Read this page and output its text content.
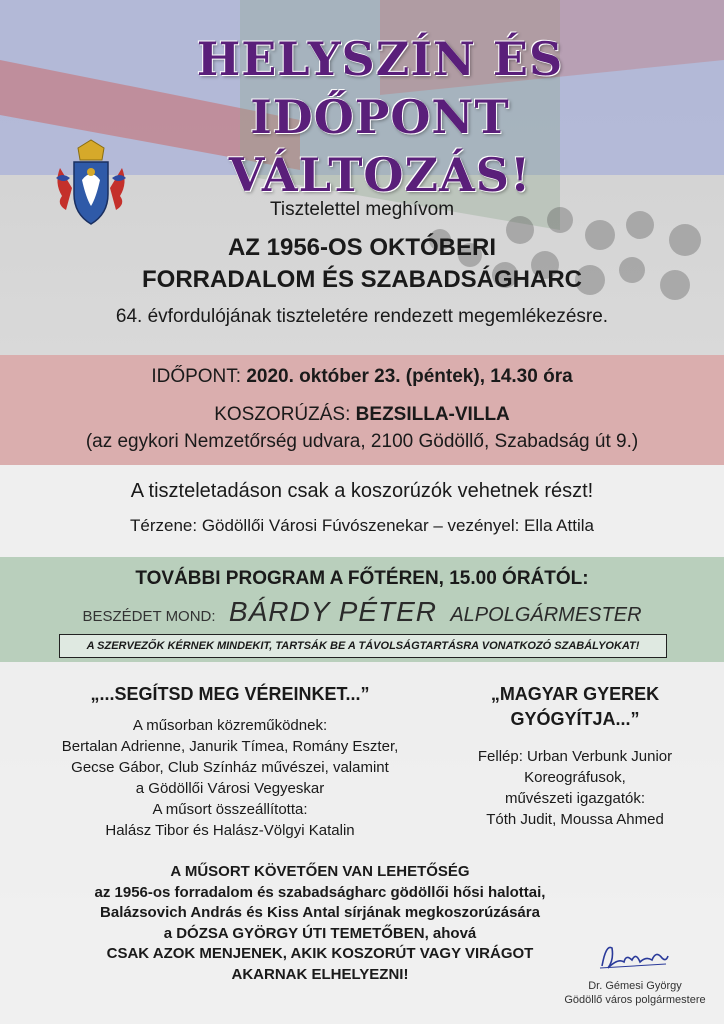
HELYSZÍN ÉS IDŐPONT
VÁLTOZÁS!
Tisztelettel meghívom
AZ 1956-OS OKTÓBERI
FORRADALOM ÉS SZABADSÁGHARC
64. évfordulójának tiszteletére rendezett megemlékezésre.
IDŐPONT: 2020. október 23. (péntek), 14.30 óra
KOSZORÚZÁS: BEZSILLA-VILLA
(az egykori Nemzetőrség udvara, 2100 Gödöllő, Szabadság út 9.)
A tiszteletadáson csak a koszorúzók vehetnek részt!
Térzene: Gödöllői Városi Fúvószenekar – vezényel: Ella Attila
TOVÁBBI PROGRAM A FŐTÉREN, 15.00 ÓRÁTÓL:
BESZÉDET MOND: BÁRDY PÉTER ALPOLGÁRMESTER
A SZERVEZŐK KÉRNEK MINDEKIT, TARTSÁK BE A TÁVOLSÁGTARTÁSRA VONATKOZÓ SZABÁLYOKAT!
„...SEGÍTSD MEG VÉREINKET...”
A műsorban közreműködnek:
Bertalan Adrienne, Janurik Tímea, Romány Eszter,
Gecse Gábor, Club Színház művészei, valamint
a Gödöllői Városi Vegyeskar
A műsort összeállította:
Halász Tibor és Halász-Völgyi Katalin
„MAGYAR GYEREK
GYÓGYÍTJA...”
Fellép: Urban Verbunk Junior
Koreográfusok,
művészeti igazgatók:
Tóth Judit, Moussa Ahmed
A MŰSORT KÖVETŐEN VAN LEHETŐSÉG
az 1956-os forradalom és szabadságharc gödöllői hősi halottai,
Balázsovich András és Kiss Antal sírjának megkoszorúzására
a DÓZSA GYÖRGY ÚTI TEMETŐBEN, ahová
CSAK AZOK MENJENEK, AKIK KOSZORÚT VAGY VIRÁGOT
AKARNAK ELHELYEZNI!
Dr. Gémesi György
Gödöllő város polgármestere
